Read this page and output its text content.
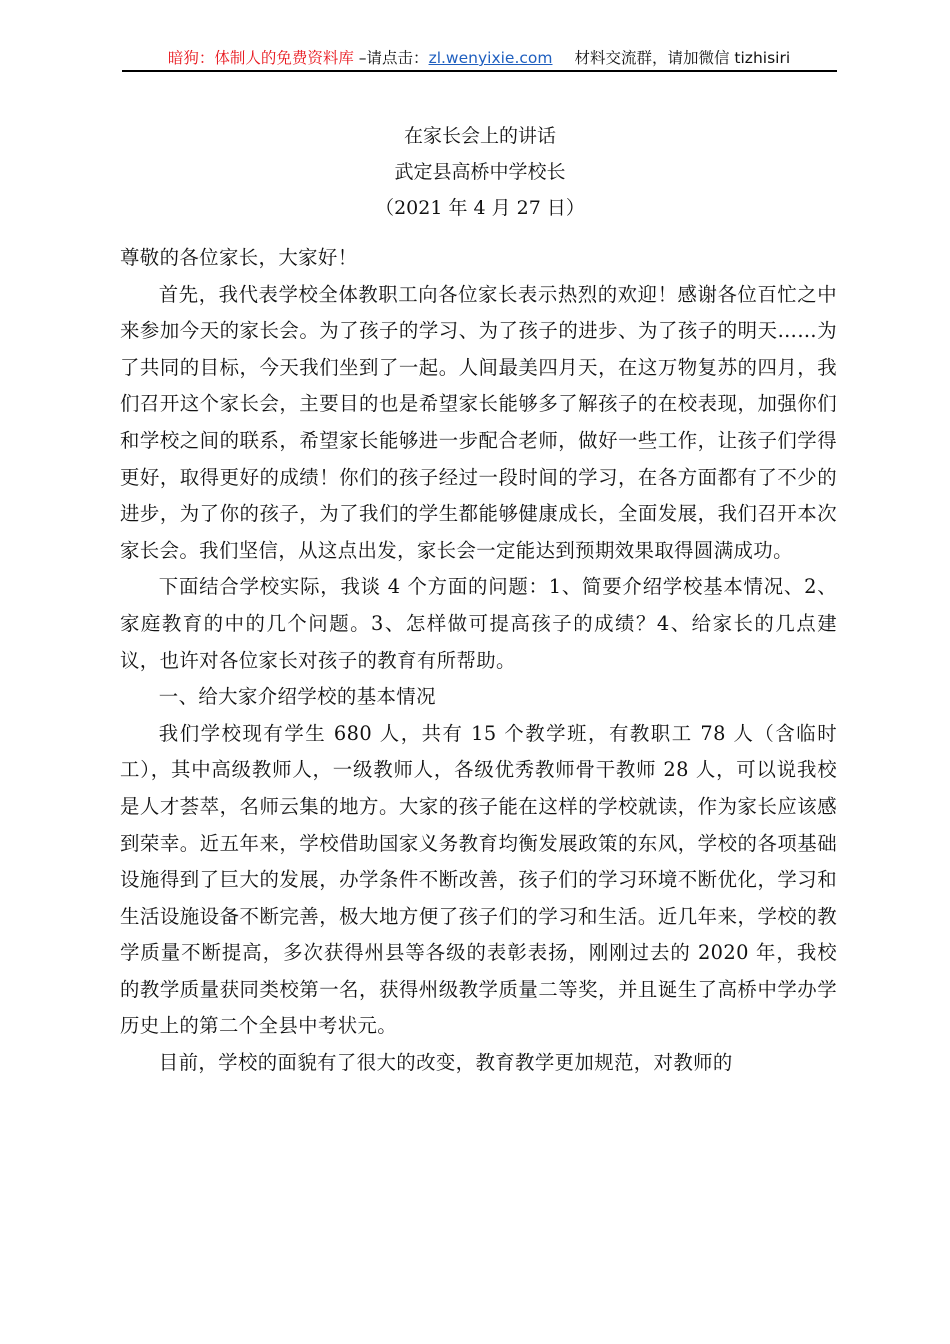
暗狗：体制人的免费资料库 –请点击：zl.wenyixie.com 材料交流群，请加微信 tizhisiri
在家长会上的讲话
武定县高桥中学校长
（2021 年 4 月 27 日）

尊敬的各位家长，大家好！

首先，我代表学校全体教职工向各位家长表示热烈的欢迎！感谢各位百忙之中来参加今天的家长会。为了孩子的学习、为了孩子的进步、为了孩子的明天……为了共同的目标，今天我们坐到了一起。人间最美四月天，在这万物复苏的四月，我们召开这个家长会，主要目的也是希望家长能够多了解孩子的在校表现，加强你们和学校之间的联系，希望家长能够进一步配合老师，做好一些工作，让孩子们学得更好，取得更好的成绩！你们的孩子经过一段时间的学习，在各方面都有了不少的进步，为了你的孩子，为了我们的学生都能够健康成长，全面发展，我们召开本次家长会。我们坚信，从这点出发，家长会一定能达到预期效果取得圆满成功。

下面结合学校实际，我谈 4 个方面的问题：1、简要介绍学校基本情况、2、家庭教育的中的几个问题。3、怎样做可提高孩子的成绩？4、给家长的几点建议，也许对各位家长对孩子的教育有所帮助。

一、给大家介绍学校的基本情况

我们学校现有学生 680 人，共有 15 个教学班，有教职工 78 人（含临时工），其中高级教师人，一级教师人，各级优秀教师骨干教师 28 人，可以说我校是人才荟萃，名师云集的地方。大家的孩子能在这样的学校就读，作为家长应该感到荣幸。近五年来，学校借助国家义务教育均衡发展政策的东风，学校的各项基础设施得到了巨大的发展，办学条件不断改善，孩子们的学习环境不断优化，学习和生活设施设备不断完善，极大地方便了孩子们的学习和生活。近几年来，学校的教学质量不断提高，多次获得州县等各级的表彰表扬，刚刚过去的 2020 年，我校的教学质量获同类校第一名，获得州级教学质量二等奖，并且诞生了高桥中学办学历史上的第二个全县中考状元。

目前，学校的面貌有了很大的改变，教育教学更加规范，对教师的
